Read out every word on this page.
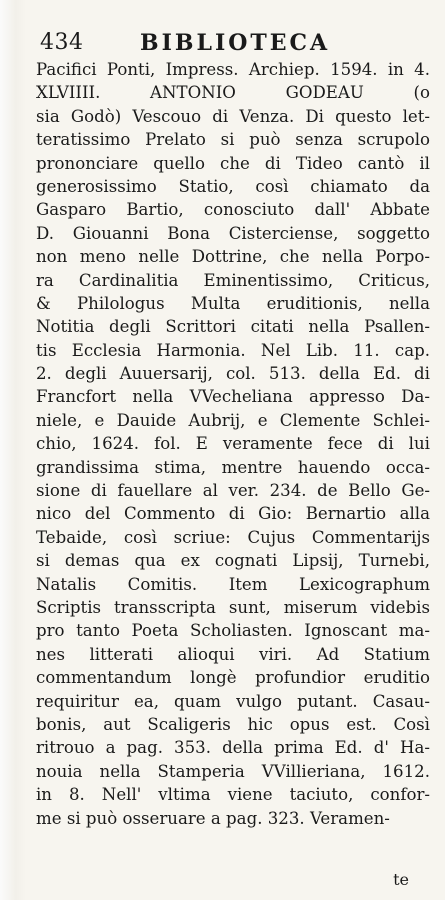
434	BIBLIOTECA
Pacifici Ponti, Impress. Archiep. 1594. in 4.
XLVIIII. ANTONIO GODEAU (o
sia Godò) Vescouo di Venza. Di questo let-
teratissimo Prelato si può senza scrupolo
prononciare quello che di Tideo cantò il
generosissimo Statio, così chiamato da
Gasparo Bartio, conosciuto dall' Abbate
D. Giouanni Bona Cisterciense, soggetto
non meno nelle Dottrine, che nella Porpo-
ra Cardinalitia Eminentissimo, Criticus,
& Philologus Multa eruditionis, nella
Notitia degli Scrittori citati nella Psallen-
tis Ecclesia Harmonia. Nel Lib. 11. cap.
2. degli Auuersarij, col. 513. della Ed. di
Francfort nella VVecheliana appresso Da-
niele, e Dauide Aubrij, e Clemente Schlei-
chio, 1624. fol. E veramente fece di lui
grandissima stima, mentre hauendo occa-
sione di fauellare al ver. 234. de Bello Ge-
nico del Commento di Gio: Bernartio alla
Tebaide, così scriue: Cujus Commentarijs
si demas qua ex cognati Lipsij, Turnebi,
Natalis Comitis. Item Lexicographum
Scriptis transscripta sunt, miserum videbis
pro tanto Poeta Scholiasten. Ignoscant ma-
nes litterati alioqui viri. Ad Statium
commentandum longè profundior eruditio
requiritur ea, quam vulgo putant. Casau-
bonis, aut Scaligeris hic opus est. Così
ritrouo a pag. 353. della prima Ed. d' Ha-
nouia nella Stamperia VVillieriana, 1612.
in 8. Nell' vltima viene taciuto, confor-
me si può osseruare a pag. 323. Veramen-
te
